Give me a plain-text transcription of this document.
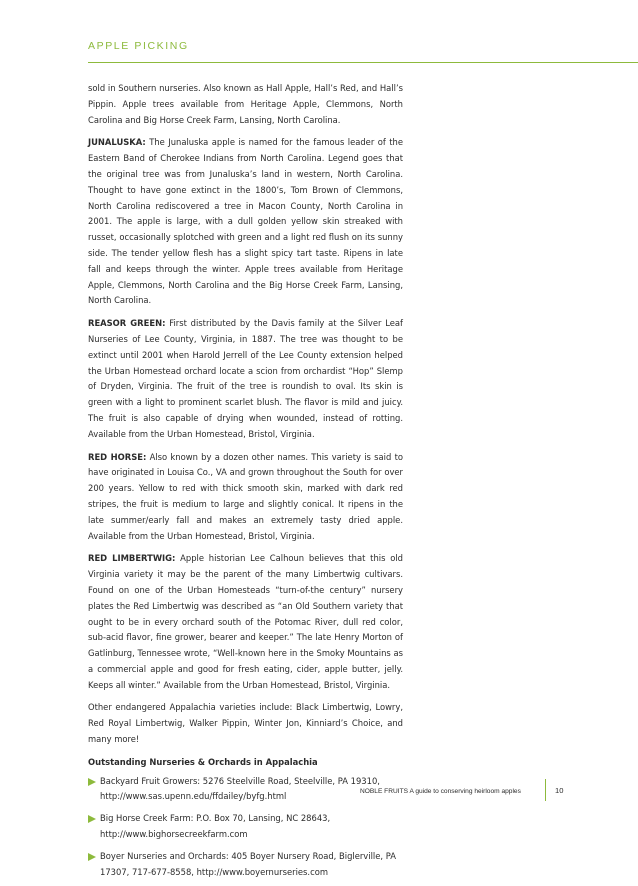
APPLE PICKING

sold in Southern nurseries. Also known as Hall Apple, Hall’s Red, and Hall’s Pippin. Apple trees available from Heritage Apple, Clemmons, North Carolina and Big Horse Creek Farm, Lansing, North Carolina.

JUNALUSKA: The Junaluska apple is named for the famous leader of the Eastern Band of Cherokee Indians from North Carolina. Legend goes that the original tree was from Junaluska’s land in western, North Carolina. Thought to have gone extinct in the 1800’s, Tom Brown of Clemmons, North Carolina rediscovered a tree in Macon County, North Carolina in 2001. The apple is large, with a dull golden yellow skin streaked with russet, occasionally splotched with green and a light red flush on its sunny side. The tender yellow flesh has a slight spicy tart taste. Ripens in late fall and keeps through the winter. Apple trees available from Heritage Apple, Clemmons, North Carolina and the Big Horse Creek Farm, Lansing, North Carolina.

REASOR GREEN: First distributed by the Davis family at the Silver Leaf Nurseries of Lee County, Virginia, in 1887. The tree was thought to be extinct until 2001 when Harold Jerrell of the Lee County extension helped the Urban Homestead orchard locate a scion from orchardist “Hop” Slemp of Dryden, Virginia. The fruit of the tree is roundish to oval. Its skin is green with a light to prominent scarlet blush. The flavor is mild and juicy. The fruit is also capable of drying when wounded, instead of rotting. Available from the Urban Homestead, Bristol, Virginia.

RED HORSE: Also known by a dozen other names. This variety is said to have originated in Louisa Co., VA and grown throughout the South for over 200 years. Yellow to red with thick smooth skin, marked with dark red stripes, the fruit is medium to large and slightly conical. It ripens in the late summer/early fall and makes an extremely tasty dried apple. Available from the Urban Homestead, Bristol, Virginia.

RED LIMBERTWIG: Apple historian Lee Calhoun believes that this old Virginia variety it may be the parent of the many Limbertwig cultivars. Found on one of the Urban Homesteads “turn-of-the century” nursery plates the Red Limbertwig was described as “an Old Southern variety that ought to be in every orchard south of the Potomac River, dull red color, sub-acid flavor, fine grower, bearer and keeper.” The late Henry Morton of Gatlinburg, Tennessee wrote, “Well-known here in the Smoky Mountains as a commercial apple and good for fresh eating, cider, apple butter, jelly. Keeps all winter.” Available from the Urban Homestead, Bristol, Virginia.

Other endangered Appalachia varieties include: Black Limbertwig, Lowry, Red Royal Limbertwig, Walker Pippin, Winter Jon, Kinniard’s Choice, and many more!

Outstanding Nurseries & Orchards in Appalachia
Backyard Fruit Growers: 5276 Steelville Road, Steelville, PA 19310,
http://www.sas.upenn.edu/ffdailey/byfg.html
Big Horse Creek Farm: P.O. Box 70, Lansing, NC 28643,
http://www.bighorsecreekfarm.com
Boyer Nurseries and Orchards: 405 Boyer Nursery Road, Biglerville, PA
17307, 717-677-8558, http://www.boyernurseries.com
NOBLE FRUITS A guide to conserving heirloom apples	10
